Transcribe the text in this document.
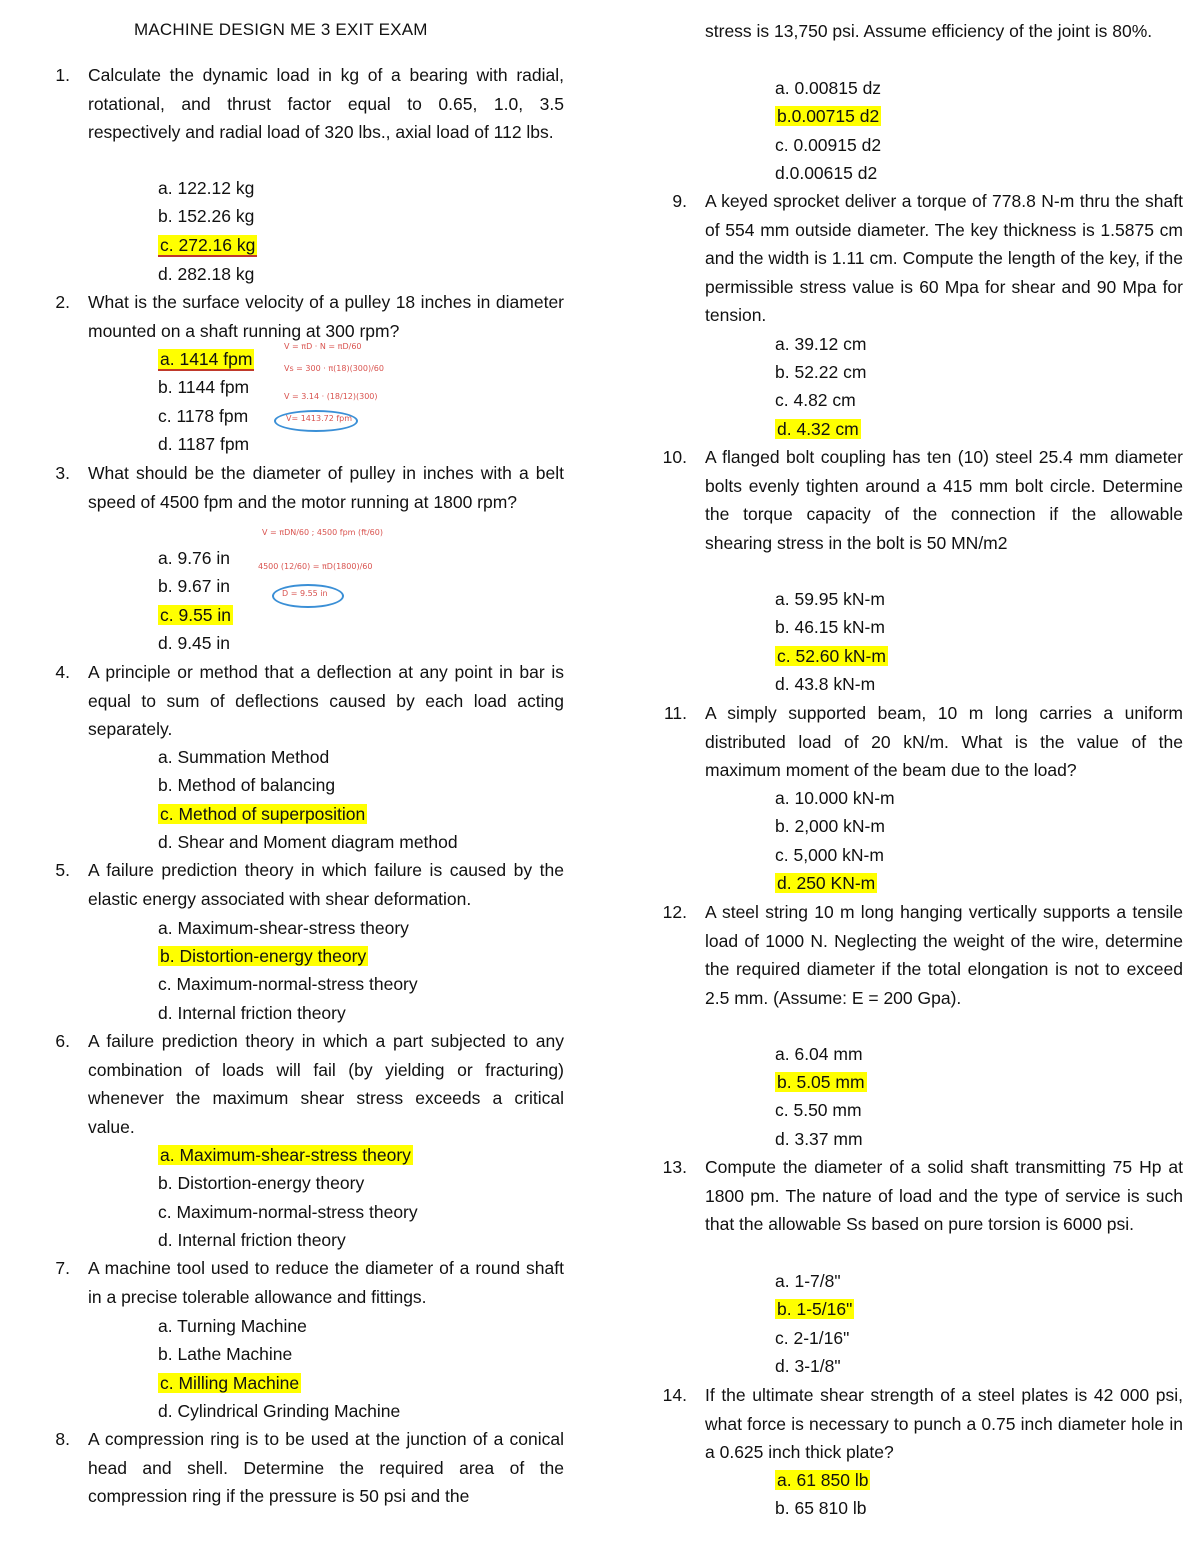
MACHINE DESIGN ME 3 EXIT EXAM
1. Calculate the dynamic load in kg of a bearing with radial, rotational, and thrust factor equal to 0.65, 1.0, 3.5 respectively and radial load of 320 lbs., axial load of 112 lbs.
a. 122.12 kg
b. 152.26 kg
c. 272.16 kg
d. 282.18 kg
2. What is the surface velocity of a pulley 18 inches in diameter mounted on a shaft running at 300 rpm?
a. 1414 fpm
b. 1144 fpm
c. 1178 fpm
d. 1187 fpm
V = πD · N = πD/60
Vs = 300 · π(18)(300)/60
V = 3.14 · (18/12)(300)
V= 1413.72 fpm
3. What should be the diameter of pulley in inches with a belt speed of 4500 fpm and the motor running at 1800 rpm?
a. 9.76 in
b. 9.67 in
c. 9.55 in
d. 9.45 in
V = πDN/60 ; 4500 fpm (ft/60)
4500 (12/60) = πD(1800)/60
D = 9.55 in
4. A principle or method that a deflection at any point in bar is equal to sum of deflections caused by each load acting separately.
a. Summation Method
b. Method of balancing
c. Method of superposition
d. Shear and Moment diagram method
5. A failure prediction theory in which failure is caused by the elastic energy associated with shear deformation.
a. Maximum-shear-stress theory
b. Distortion-energy theory
c. Maximum-normal-stress theory
d. Internal friction theory
6. A failure prediction theory in which a part subjected to any combination of loads will fail (by yielding or fracturing) whenever the maximum shear stress exceeds a critical value.
a. Maximum-shear-stress theory
b. Distortion-energy theory
c. Maximum-normal-stress theory
d. Internal friction theory
7. A machine tool used to reduce the diameter of a round shaft in a precise tolerable allowance and fittings.
a. Turning Machine
b. Lathe Machine
c. Milling Machine
d. Cylindrical Grinding Machine
8. A compression ring is to be used at the junction of a conical head and shell. Determine the required area of the compression ring if the pressure is 50 psi and the
stress is 13,750 psi. Assume efficiency of the joint is 80%.
a. 0.00815 dz
b.0.00715 d2
c. 0.00915 d2
d.0.00615 d2
9. A keyed sprocket deliver a torque of 778.8 N-m thru the shaft of 554 mm outside diameter. The key thickness is 1.5875 cm and the width is 1.11 cm. Compute the length of the key, if the permissible stress value is 60 Mpa for shear and 90 Mpa for tension.
a. 39.12 cm
b. 52.22 cm
c. 4.82 cm
d. 4.32 cm
10. A flanged bolt coupling has ten (10) steel 25.4 mm diameter bolts evenly tighten around a 415 mm bolt circle. Determine the torque capacity of the connection if the allowable shearing stress in the bolt is 50 MN/m2
a. 59.95 kN-m
b. 46.15 kN-m
c. 52.60 kN-m
d. 43.8 kN-m
11. A simply supported beam, 10 m long carries a uniform distributed load of 20 kN/m. What is the value of the maximum moment of the beam due to the load?
a. 10.000 kN-m
b. 2,000 kN-m
c. 5,000 kN-m
d. 250 KN-m
12. A steel string 10 m long hanging vertically supports a tensile load of 1000 N. Neglecting the weight of the wire, determine the required diameter if the total elongation is not to exceed 2.5 mm. (Assume: E = 200 Gpa).
a. 6.04 mm
b. 5.05 mm
c. 5.50 mm
d. 3.37 mm
13. Compute the diameter of a solid shaft transmitting 75 Hp at 1800 pm. The nature of load and the type of service is such that the allowable Ss based on pure torsion is 6000 psi.
a. 1-7/8"
b. 1-5/16"
c. 2-1/16"
d. 3-1/8"
14. If the ultimate shear strength of a steel plates is 42 000 psi, what force is necessary to punch a 0.75 inch diameter hole in a 0.625 inch thick plate?
a. 61 850 lb
b. 65 810 lb
